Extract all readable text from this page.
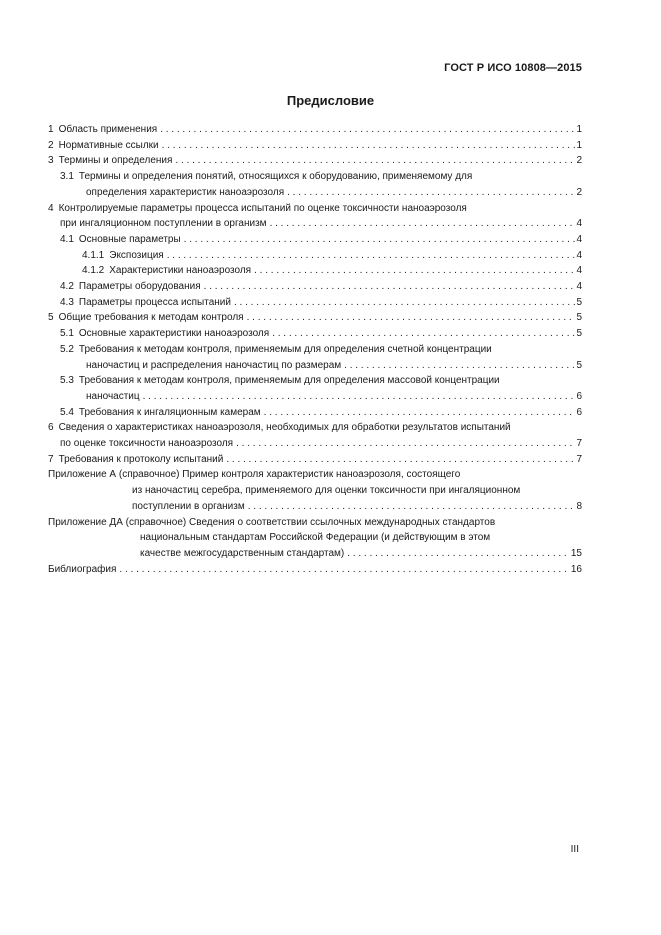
ГОСТ Р ИСО 10808—2015
Предисловие
1 Область применения . . .	1
2 Нормативные ссылки . . .	1
3 Термины и определения . . .	2
3.1 Термины и определения понятий, относящихся к оборудованию, применяемому для
определения характеристик наноаэрозоля . . .	2
4 Контролируемые параметры процесса испытаний по оценке токсичности наноаэрозоля
при ингаляционном поступлении в организм . . .	4
4.1 Основные параметры . . .	4
4.1.1 Экспозиция . . .	4
4.1.2 Характеристики наноаэрозоля . . .	4
4.2 Параметры оборудования . . .	4
4.3 Параметры процесса испытаний . . .	5
5 Общие требования к методам контроля . . .	5
5.1 Основные характеристики наноаэрозоля . . .	5
5.2 Требования к методам контроля, применяемым для определения счетной концентрации
наночастиц и распределения наночастиц по размерам . . .	5
5.3 Требования к методам контроля, применяемым для определения массовой концентрации
наночастиц . . .	6
5.4 Требования к ингаляционным камерам . . .	6
6 Сведения о характеристиках наноаэрозоля, необходимых для обработки результатов испытаний
по оценке токсичности наноаэрозоля . . .	7
7 Требования к протоколу испытаний . . .	7
Приложение А (справочное) Пример контроля характеристик наноаэрозоля, состоящего
из наночастиц серебра, применяемого для оценки токсичности при ингаляционном
поступлении в организм . . .	8
Приложение ДА (справочное) Сведения о соответствии ссылочных международных стандартов
национальным стандартам Российской Федерации (и действующим в этом
качестве межгосударственным стандартам) . . .	15
Библиография . . .	16
III
